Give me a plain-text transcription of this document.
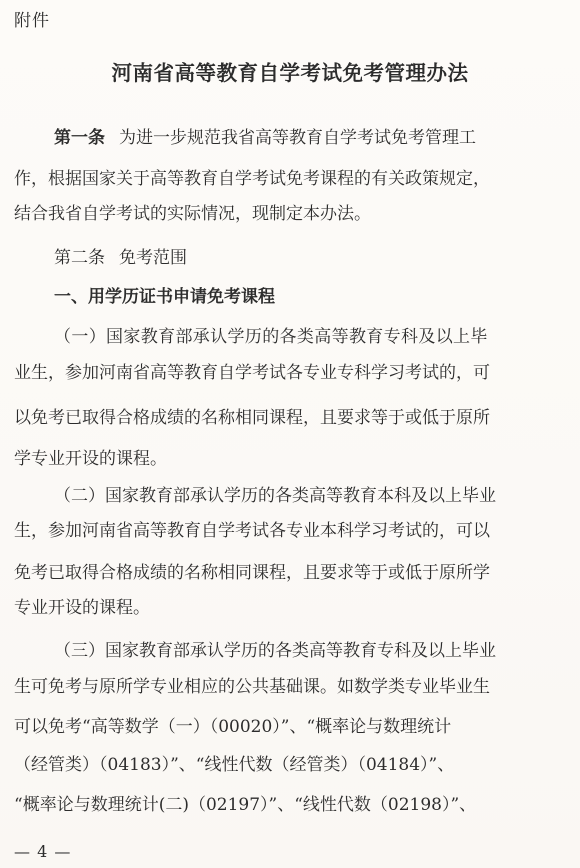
附件
河南省高等教育自学考试免考管理办法
第一条 为进一步规范我省高等教育自学考试免考管理工
作，根据国家关于高等教育自学考试免考课程的有关政策规定，
结合我省自学考试的实际情况，现制定本办法。
第二条 免考范围
一、用学历证书申请免考课程
（一）国家教育部承认学历的各类高等教育专科及以上毕
业生，参加河南省高等教育自学考试各专业专科学习考试的，可
以免考已取得合格成绩的名称相同课程，且要求等于或低于原所
学专业开设的课程。
（二）国家教育部承认学历的各类高等教育本科及以上毕业
生，参加河南省高等教育自学考试各专业本科学习考试的，可以
免考已取得合格成绩的名称相同课程，且要求等于或低于原所学
专业开设的课程。
（三）国家教育部承认学历的各类高等教育专科及以上毕业
生可免考与原所学专业相应的公共基础课。如数学类专业毕业生
可以免考“高等数学（一）（00020）”、“概率论与数理统计
（经管类）（04183）”、“线性代数（经管类）（04184）”、
“概率论与数理统计(二)（02197）”、“线性代数（02198）”、
— 4 —
